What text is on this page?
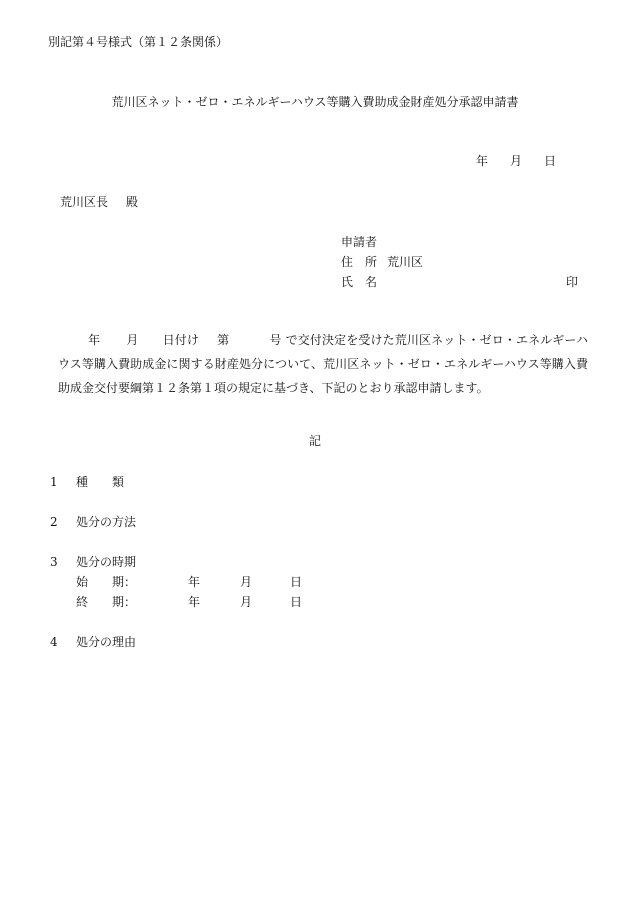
別記第４号様式（第１２条関係）
荒川区ネット・ゼロ・エネルギーハウス等購入費助成金財産処分承認申請書
年 月 日
荒川区長 殿
申請者
住　所 荒川区
氏　名	印
年 月 日付け 第	号 で交付決定を受けた荒川区ネット・ゼロ・エネルギーハウス等購入費助成金に関する財産処分について、荒川区ネット・ゼロ・エネルギーハウス等購入費助成金交付要綱第１２条第１項の規定に基づき、下記のとおり承認申請します。
記
1 種　　類
2 処分の方法
3 処分の時期
始　　期：	年	月	日
終　　期：	年	月	日
4 処分の理由
